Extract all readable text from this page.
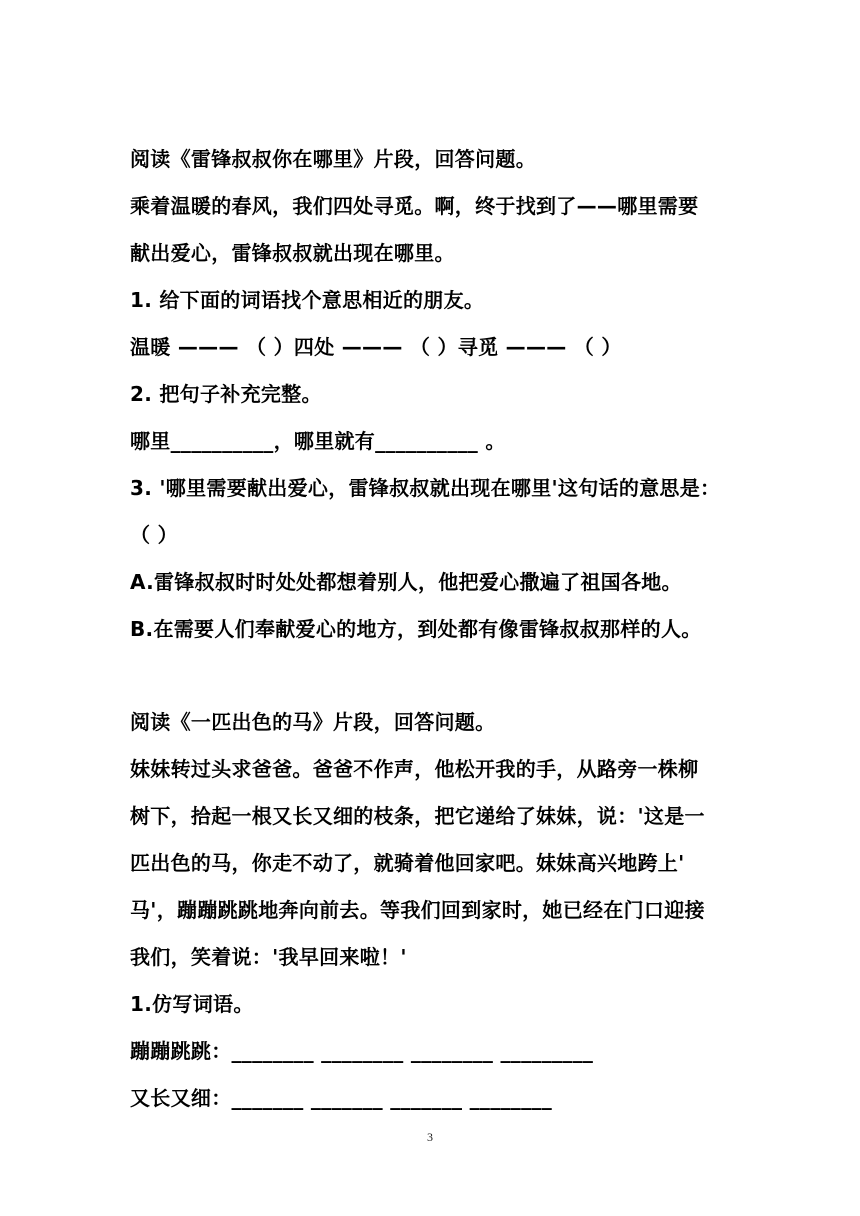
阅读《雷锋叔叔你在哪里》片段，回答问题。
乘着温暖的春风，我们四处寻觅。啊，终于找到了——哪里需要
献出爱心，雷锋叔叔就出现在哪里。
1. 给下面的词语找个意思相近的朋友。
温暖 ——— （ ）四处 ——— （ ）寻觅 ——— （ ）
2. 把句子补充完整。
哪里__________，哪里就有__________ 。
3. '哪里需要献出爱心，雷锋叔叔就出现在哪里'这句话的意思是：
（ ）
A.雷锋叔叔时时处处都想着别人，他把爱心撒遍了祖国各地。
B.在需要人们奉献爱心的地方，到处都有像雷锋叔叔那样的人。
阅读《一匹出色的马》片段，回答问题。
妹妹转过头求爸爸。爸爸不作声，他松开我的手，从路旁一株柳
树下，拾起一根又长又细的枝条，把它递给了妹妹，说：'这是一
匹出色的马，你走不动了，就骑着他回家吧。妹妹高兴地跨上'
马'，蹦蹦跳跳地奔向前去。等我们回到家时，她已经在门口迎接
我们，笑着说：'我早回来啦！'
1.仿写词语。
蹦蹦跳跳：________ ________ ________ _________
又长又细：_______ _______ _______ ________
3
